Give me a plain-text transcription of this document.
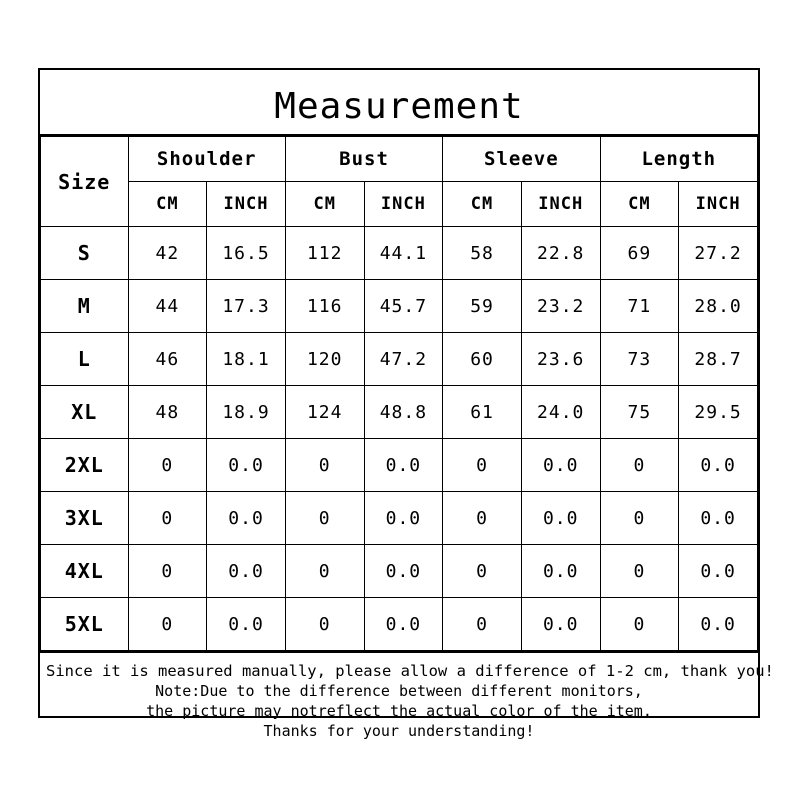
Measurement
Size	Shoulder		Bust		Sleeve		Length	
	CM	INCH	CM	INCH	CM	INCH	CM	INCH
S	42	16.5	112	44.1	58	22.8	69	27.2
M	44	17.3	116	45.7	59	23.2	71	28.0
L	46	18.1	120	47.2	60	23.6	73	28.7
XL	48	18.9	124	48.8	61	24.0	75	29.5
2XL	0	0.0	0	0.0	0	0.0	0	0.0
3XL	0	0.0	0	0.0	0	0.0	0	0.0
4XL	0	0.0	0	0.0	0	0.0	0	0.0
5XL	0	0.0	0	0.0	0	0.0	0	0.0
Since it is measured manually, please allow a difference of 1-2 cm, thank you!
Note:Due to the difference between different monitors,
the picture may notreflect the actual color of the item.
Thanks for your understanding!
